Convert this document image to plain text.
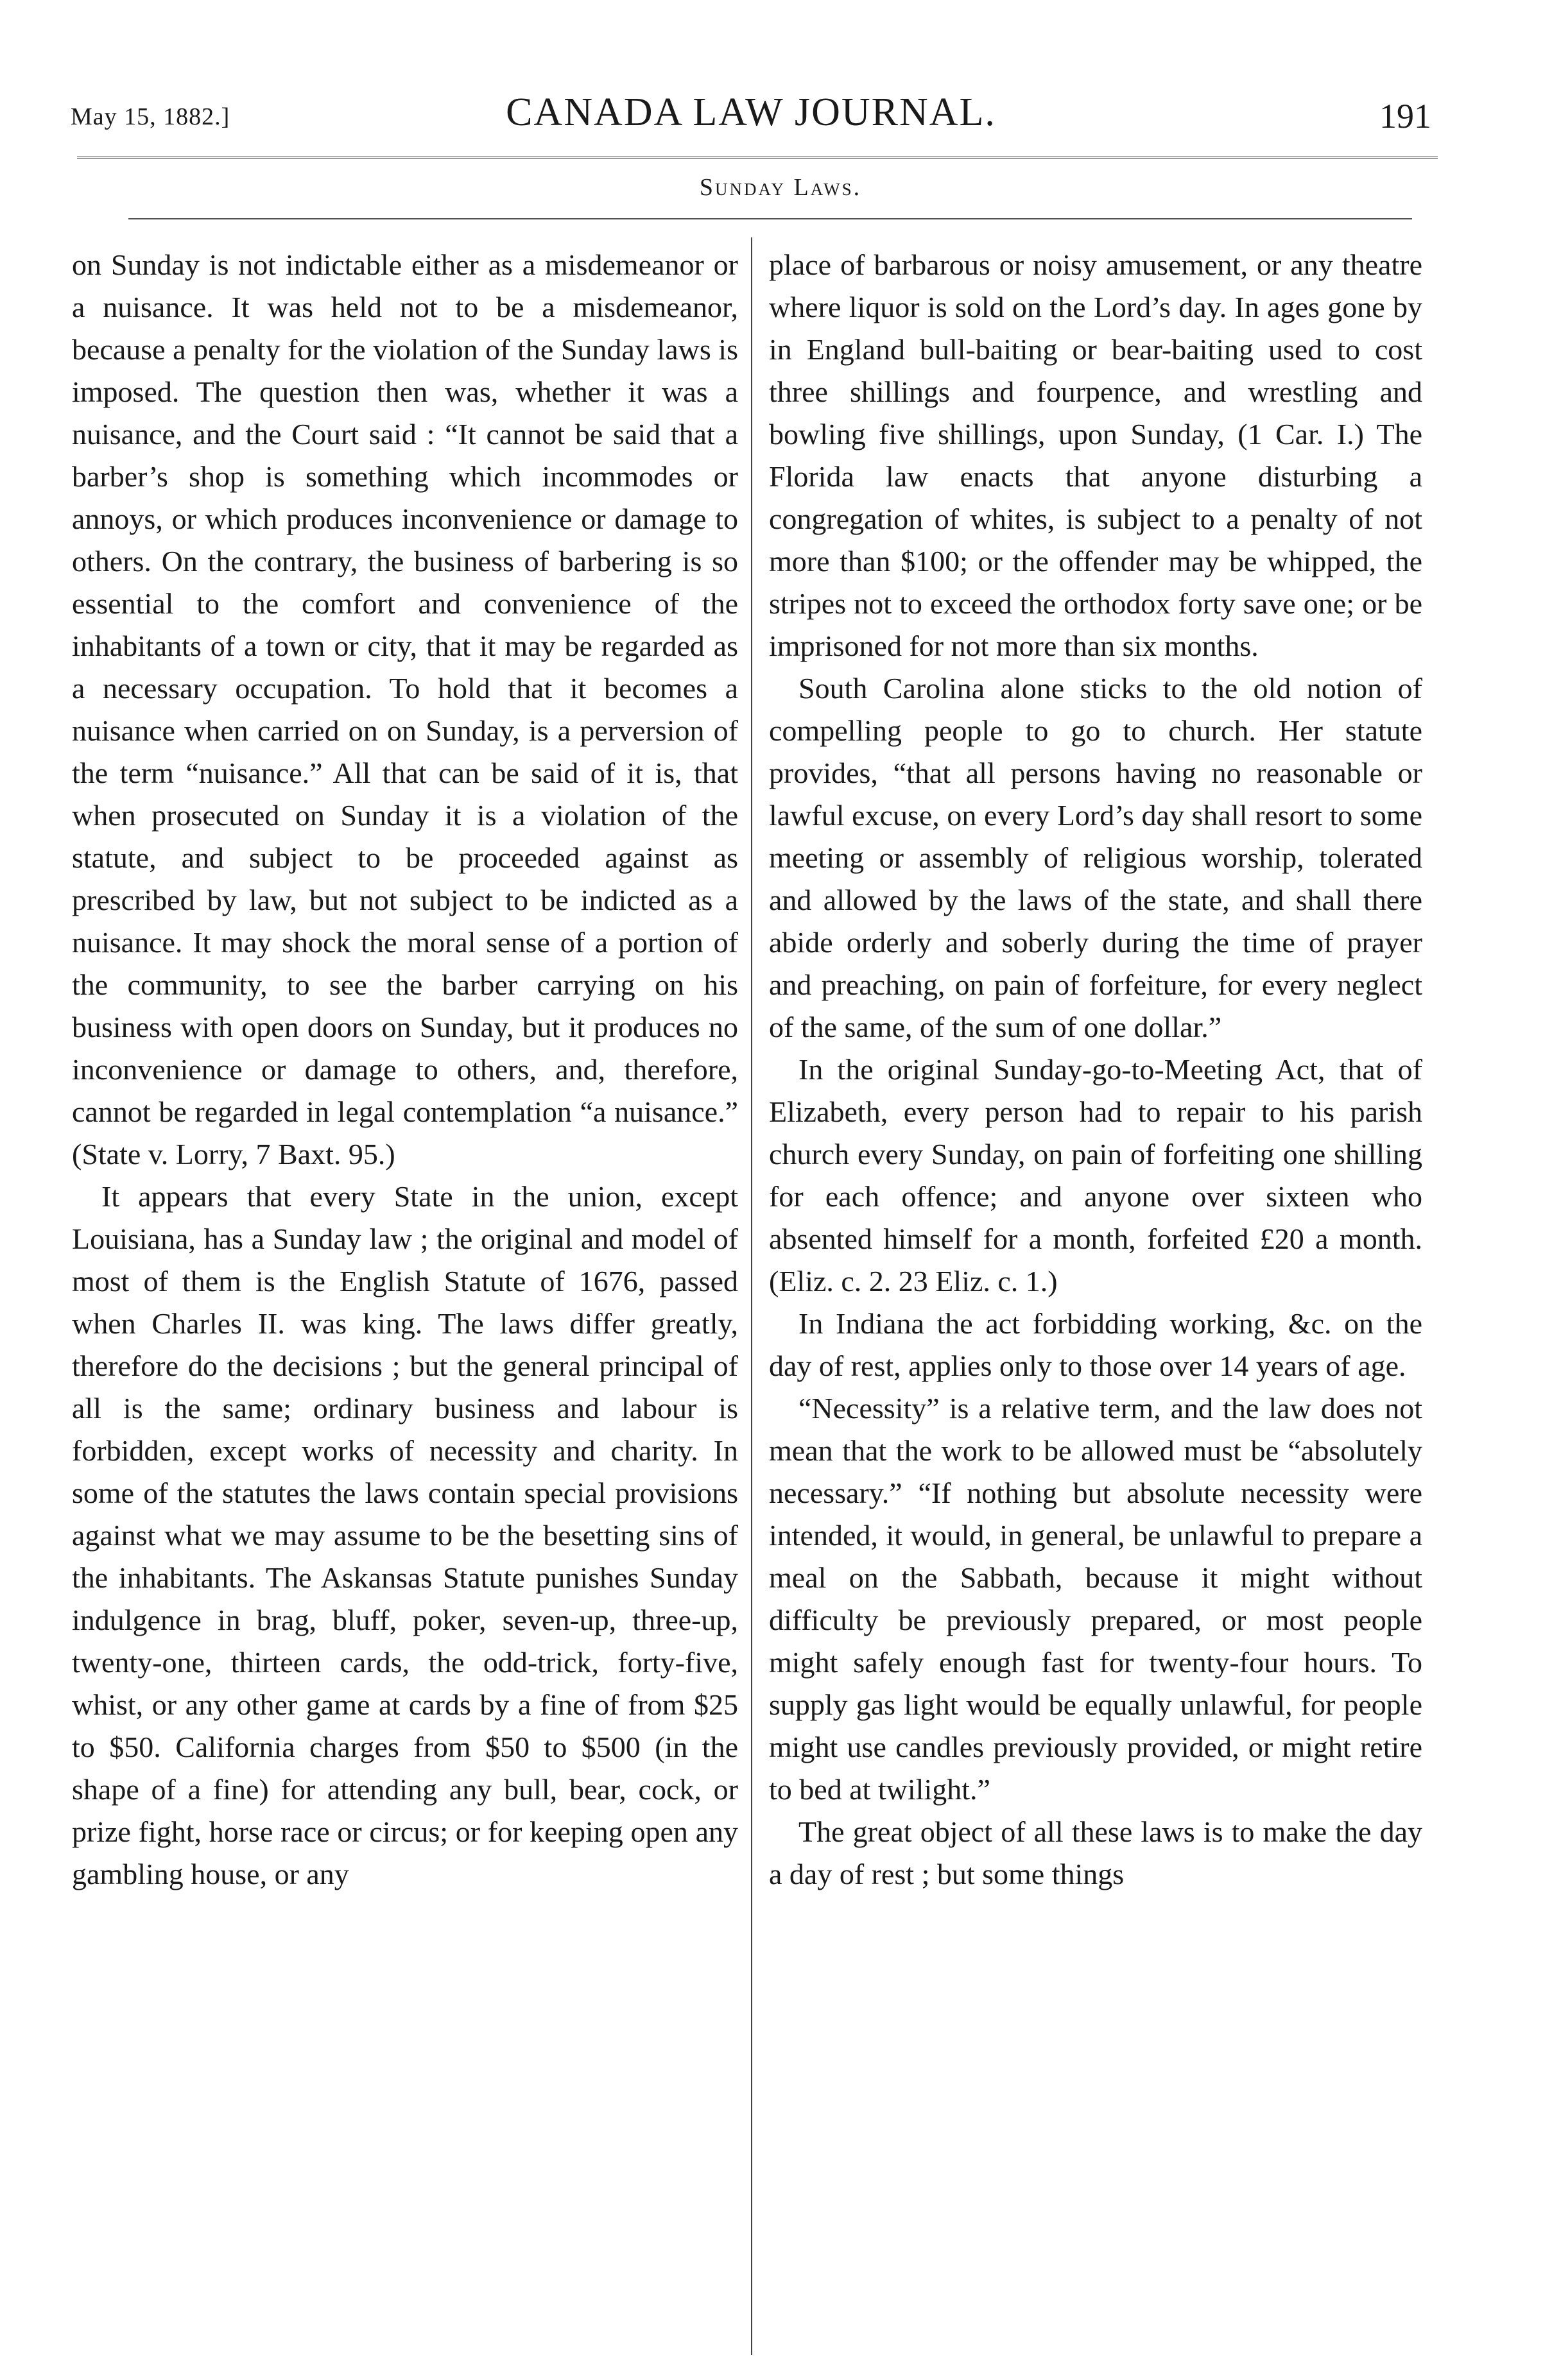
May 15, 1882.]	CANADA LAW JOURNAL.	191
Sunday Laws.

on Sunday is not indictable either as a misdemeanor or a nuisance. It was held not to be a misdemeanor, because a penalty for the violation of the Sunday laws is imposed. The question then was, whether it was a nuisance, and the Court said : “It cannot be said that a barber’s shop is something which incommodes or annoys, or which produces inconvenience or damage to others. On the contrary, the business of barbering is so essential to the comfort and convenience of the inhabitants of a town or city, that it may be regarded as a necessary occupation. To hold that it becomes a nuisance when carried on on Sunday, is a perversion of the term “nuisance.” All that can be said of it is, that when prosecuted on Sunday it is a violation of the statute, and subject to be proceeded against as prescribed by law, but not subject to be indicted as a nuisance. It may shock the moral sense of a portion of the community, to see the barber carrying on his business with open doors on Sunday, but it produces no inconvenience or damage to others, and, therefore, cannot be regarded in legal contemplation “a nuisance.” (State v. Lorry, 7 Baxt. 95.)

It appears that every State in the union, except Louisiana, has a Sunday law ; the original and model of most of them is the English Statute of 1676, passed when Charles II. was king. The laws differ greatly, therefore do the decisions ; but the general principal of all is the same; ordinary business and labour is forbidden, except works of necessity and charity. In some of the statutes the laws contain special provisions against what we may assume to be the besetting sins of the inhabitants. The Askansas Statute punishes Sunday indulgence in brag, bluff, poker, seven-up, three-up, twenty-one, thirteen cards, the odd-trick, forty-five, whist, or any other game at cards by a fine of from $25 to $50. California charges from $50 to $500 (in the shape of a fine) for attending any bull, bear, cock, or prize fight, horse race or circus; or for keeping open any gambling house, or any

place of barbarous or noisy amusement, or any theatre where liquor is sold on the Lord’s day. In ages gone by in England bull-baiting or bear-baiting used to cost three shillings and fourpence, and wrestling and bowling five shillings, upon Sunday, (1 Car. I.) The Florida law enacts that anyone disturbing a congregation of whites, is subject to a penalty of not more than $100; or the offender may be whipped, the stripes not to exceed the orthodox forty save one; or be imprisoned for not more than six months.

South Carolina alone sticks to the old notion of compelling people to go to church. Her statute provides, “that all persons having no reasonable or lawful excuse, on every Lord’s day shall resort to some meeting or assembly of religious worship, tolerated and allowed by the laws of the state, and shall there abide orderly and soberly during the time of prayer and preaching, on pain of forfeiture, for every neglect of the same, of the sum of one dollar.”

In the original Sunday-go-to-Meeting Act, that of Elizabeth, every person had to repair to his parish church every Sunday, on pain of forfeiting one shilling for each offence; and anyone over sixteen who absented himself for a month, forfeited £20 a month. (Eliz. c. 2. 23 Eliz. c. 1.)

In Indiana the act forbidding working, &c. on the day of rest, applies only to those over 14 years of age.

“Necessity” is a relative term, and the law does not mean that the work to be allowed must be “absolutely necessary.” “If nothing but absolute necessity were intended, it would, in general, be unlawful to prepare a meal on the Sabbath, because it might without difficulty be previously prepared, or most people might safely enough fast for twenty-four hours. To supply gas light would be equally unlawful, for people might use candles previously provided, or might retire to bed at twilight.”

The great object of all these laws is to make the day a day of rest ; but some things
